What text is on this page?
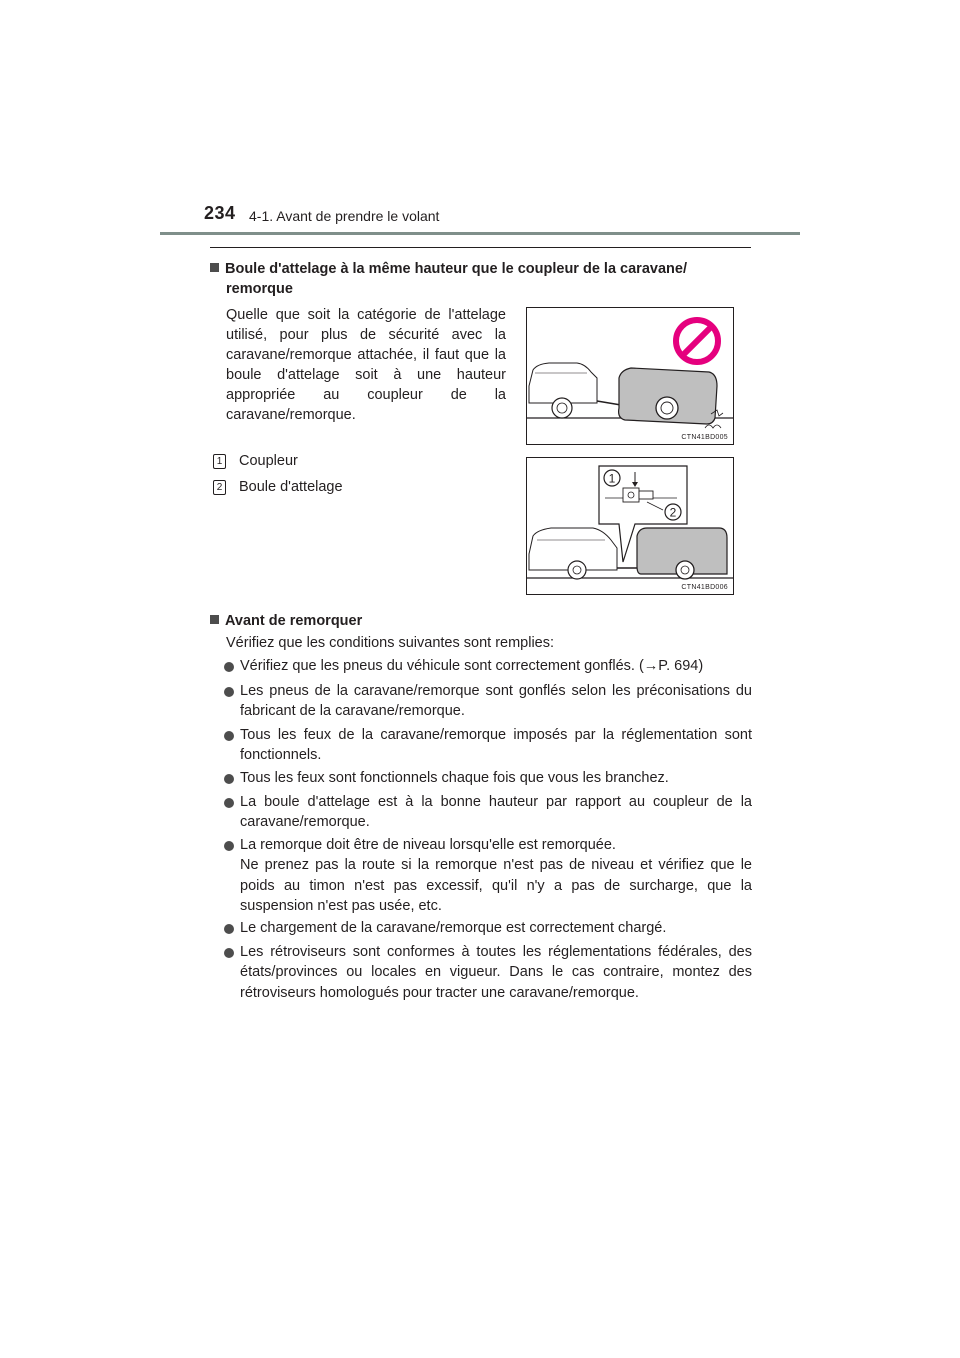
234 4-1. Avant de prendre le volant
Boule d'attelage à la même hauteur que le coupleur de la caravane/
remorque
Quelle que soit la catégorie de l'attelage utilisé, pour plus de sécurité avec la caravane/remorque attachée, il faut que la boule d'attelage soit à une hauteur appropriée au coupleur de la caravane/remorque.
CTN41BD005
1 Coupleur
2 Boule d'attelage
1
2
CTN41BD006
Avant de remorquer
Vérifiez que les conditions suivantes sont remplies:
Vérifiez que les pneus du véhicule sont correctement gonflés. (→P. 694)
Les pneus de la caravane/remorque sont gonflés selon les préconisations du fabricant de la caravane/remorque.
Tous les feux de la caravane/remorque imposés par la réglementation sont fonctionnels.
Tous les feux sont fonctionnels chaque fois que vous les branchez.
La boule d'attelage est à la bonne hauteur par rapport au coupleur de la caravane/remorque.
La remorque doit être de niveau lorsqu'elle est remorquée.
Ne prenez pas la route si la remorque n'est pas de niveau et vérifiez que le poids au timon n'est pas excessif, qu'il n'y a pas de surcharge, que la suspension n'est pas usée, etc.
Le chargement de la caravane/remorque est correctement chargé.
Les rétroviseurs sont conformes à toutes les réglementations fédérales, des états/provinces ou locales en vigueur. Dans le cas contraire, montez des rétroviseurs homologués pour tracter une caravane/remorque.
